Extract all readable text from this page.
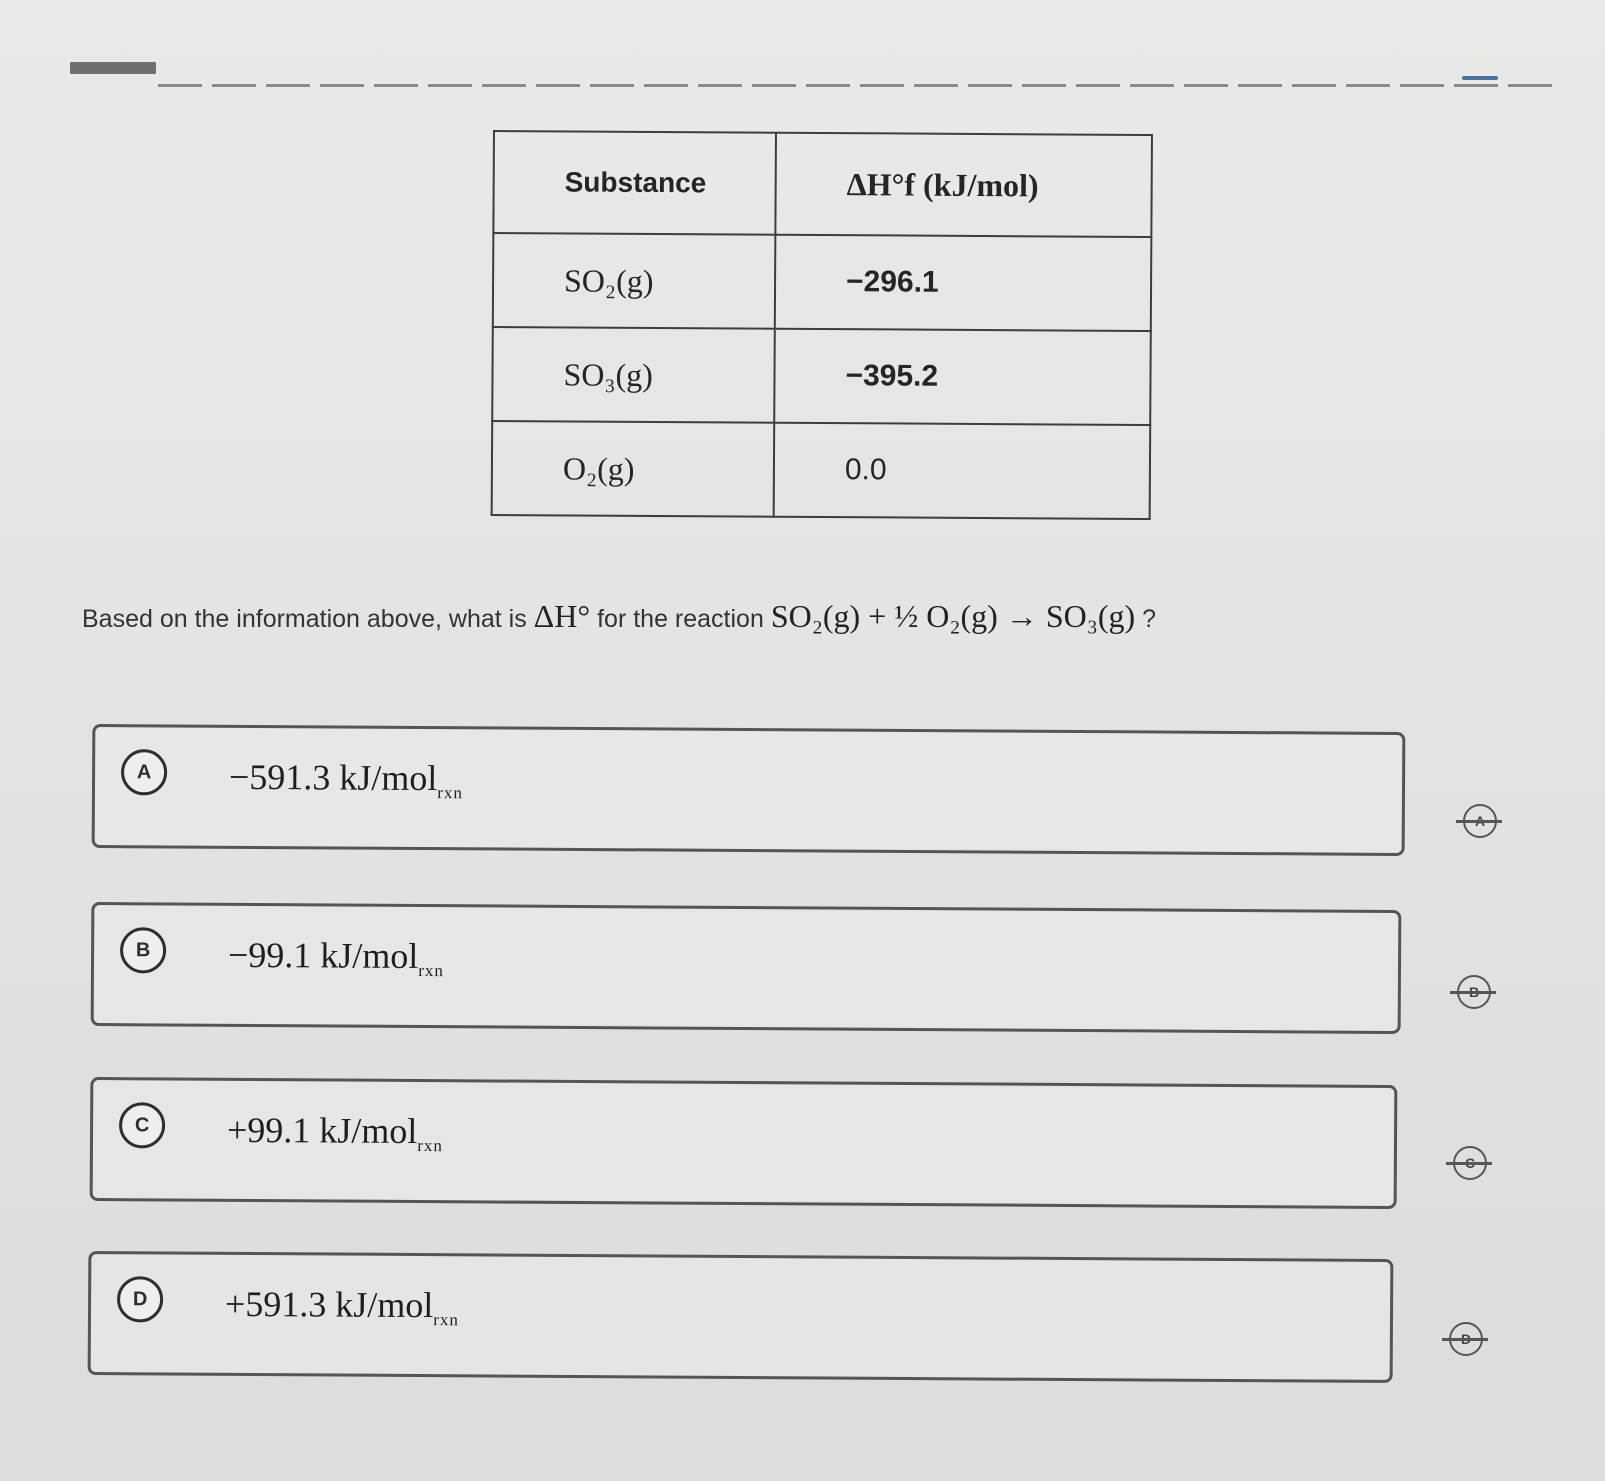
Substance	ΔH°f (kJ/mol)
SO₂(g)	−296.1
SO₃(g)	−395.2
O₂(g)	0.0
Based on the information above, what is ΔH° for the reaction SO₂(g) + ½ O₂(g) → SO₃(g) ?
A	−591.3 kJ/mol$_{rxn}$
B	−99.1 kJ/mol$_{rxn}$
C	+99.1 kJ/mol$_{rxn}$
D	+591.3 kJ/mol$_{rxn}$
